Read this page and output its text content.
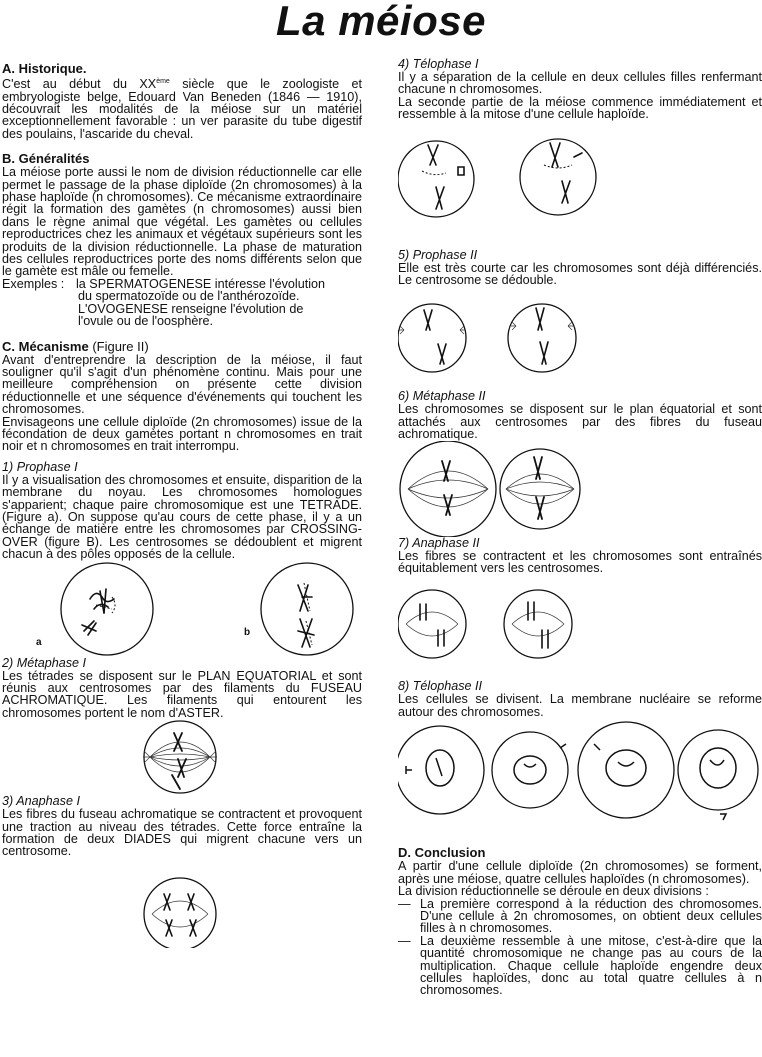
La méiose
A. Historique.

C'est au début du XXème siècle que le zoologiste et embryologiste belge, Edouard Van Beneden (1846 — 1910), découvrait les modalités de la méiose sur un matériel exceptionnellement favorable : un ver parasite du tube digestif des poulains, l'ascaride du cheval.

B. Généralités

La méiose porte aussi le nom de division réductionnelle car elle permet le passage de la phase diploïde (2n chromosomes) à la phase haploïde (n chromosomes). Ce mécanisme extraordinaire régit la formation des gamètes (n chromosomes) aussi bien dans le règne animal que végétal. Les gamètes ou cellules reproductrices chez les animaux et végétaux supérieurs sont les produits de la division réductionnelle. La phase de maturation des cellules reproductrices porte des noms différents selon que le gamète est mâle ou femelle.

Exemples : la SPERMATOGENESE intéresse l'évolution
du spermatozoïde ou de l'anthérozoïde.
L'OVOGENESE renseigne l'évolution de
l'ovule ou de l'oosphère.
C. Mécanisme (Figure II)

Avant d'entreprendre la description de la méiose, il faut souligner qu'il s'agit d'un phénomène continu. Mais pour une meilleure compréhension on présente cette division réductionnelle et une séquence d'événements qui touchent les chromosomes.

Envisageons une cellule diploïde (2n chromosomes) issue de la fécondation de deux gamètes portant n chromosomes en trait noir et n chromosomes en trait interrompu.

1) Prophase I

Il y a visualisation des chromosomes et ensuite, disparition de la membrane du noyau. Les chromosomes homologues s'apparient; chaque paire chromosomique est une TETRADE. (Figure a). On suppose qu'au cours de cette phase, il y a un échange de matière entre les chromosomes par CROSSING-OVER (figure B). Les centrosomes se dédoublent et migrent chacun à des pôles opposés de la cellule.

a
b
2) Métaphase I

Les tétrades se disposent sur le PLAN EQUATORIAL et sont réunis aux centrosomes par des filaments du FUSEAU ACHROMATIQUE. Les filaments qui entourent les chromosomes portent le nom d'ASTER.

3) Anaphase I

Les fibres du fuseau achromatique se contractent et provoquent une traction au niveau des tétrades. Cette force entraîne la formation de deux DIADES qui migrent chacune vers un centrosome.

4) Télophase I

Il y a séparation de la cellule en deux cellules filles renfermant chacune n chromosomes.

La seconde partie de la méiose commence immédiatement et ressemble à la mitose d'une cellule haploïde.

5) Prophase II

Elle est très courte car les chromosomes sont déjà différenciés. Le centrosome se dédouble.

6) Métaphase II

Les chromosomes se disposent sur le plan équatorial et sont attachés aux centrosomes par des fibres du fuseau achromatique.

7) Anaphase II

Les fibres se contractent et les chromosomes sont entraînés équitablement vers les centrosomes.

8) Télophase II

Les cellules se divisent. La membrane nucléaire se reforme autour des chromosomes.

D. Conclusion

A partir d'une cellule diploïde (2n chromosomes) se forment, après une méiose, quatre cellules haploïdes (n chromosomes).

La division réductionnelle se déroule en deux divisions :

— La première correspond à la réduction des chromosomes. D'une cellule à 2n chromosomes, on obtient deux cellules filles à n chromosomes.
— La deuxième ressemble à une mitose, c'est-à-dire que la quantité chromosomique ne change pas au cours de la multiplication. Chaque cellule haploïde engendre deux cellules haploïdes, donc au total quatre cellules à n chromosomes.
